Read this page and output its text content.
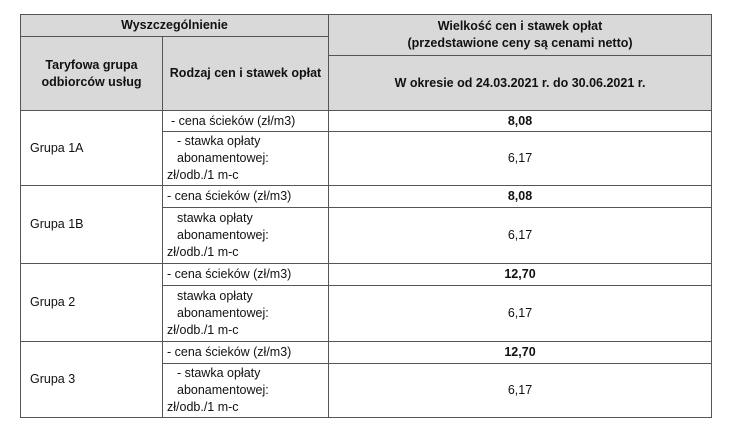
Wyszczególnienie		Wielkość cen i stawek opłat
(przedstawione ceny są cenami netto)

Taryfowa grupa odbiorców usług	Rodzaj cen i stawek opłat	
		W okresie od 24.03.2021 r. do 30.06.2021 r.

Grupa 1A	- cena ścieków (zł/m3)	8,08

	- stawka opłaty
abonamentowej:
zł/odb./1 m-c	6,17
Grupa 1B	- cena ścieków (zł/m3)	8,08

	stawka opłaty
abonamentowej:
zł/odb./1 m-c	6,17
Grupa 2	- cena ścieków (zł/m3)	12,70

	stawka opłaty
abonamentowej:
zł/odb./1 m-c	6,17
Grupa 3	- cena ścieków (zł/m3)	12,70

	- stawka opłaty
abonamentowej:
zł/odb./1 m-c	6,17
